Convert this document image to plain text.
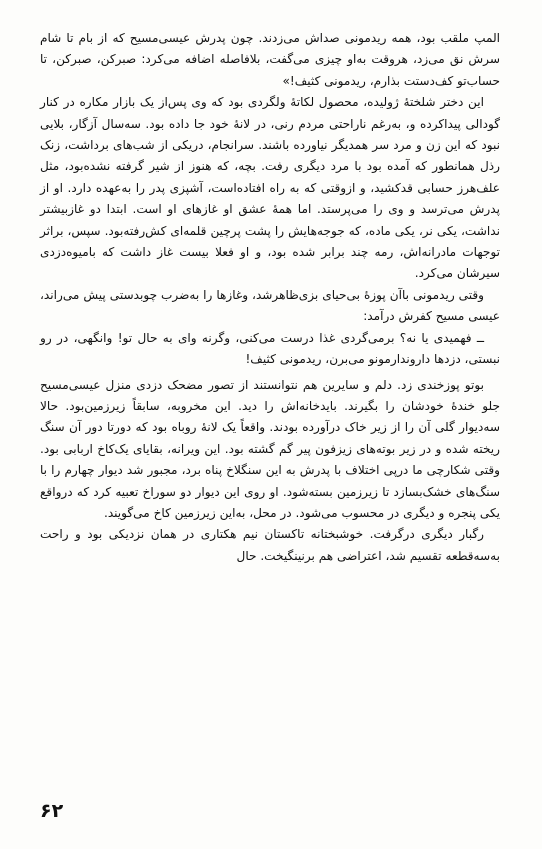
المپ ملقب بود، همه ریدمونی صداش می‌زدند. چون پدرش عیسی‌مسیح که از بام تا شام سرش نق می‌زد، هروقت به‌او چیزی می‌گفت، بلافاصله اضافه می‌کرد: صبرکن، صبرکن، تا حساب‌تو کف‌دستت بذارم، ریدمونی کثیف!»

این دختر شلختهٔ ژولیده، محصول لکاتهٔ ولگردی بود که وی پس‌از یک بازار مکاره در کنار گودالی پیداکرده و، به‌رغم ناراحتی مردم رنی، در لانهٔ خود جا داده بود. سه‌سال آزگار، بلایی نبود که این زن و مرد سر همدیگر نیاورده باشند. سرانجام، دریکی از شب‌های برداشت، زنک رذل همانطور که آمده بود با مرد دیگری رفت. بچه، که هنوز از شیر گرفته نشده‌بود، مثل علف‌هرز حسابی قدکشید، و ازوقتی که به راه افتاده‌است، آشپزی پدر را به‌عهده دارد. او از پدرش می‌ترسد و وی را می‌پرستد. اما همهٔ عشق او غازهای او است. ابتدا دو غازبیشتر نداشت، یکی نر، یکی ماده، که جوجه‌هایش را پشت پرچین قلمه‌ای کش‌رفته‌بود. سپس، براثر توجهات مادرانه‌اش، رمه چند برابر شده بود، و او فعلا بیست غاز داشت که بامیوه‌دزدی سیرشان می‌کرد.

وقتی ریدمونی باآن پوزهٔ بی‌حیای بزی‌ظاهرشد، وغازها را به‌ضرب چوبدستی پیش می‌راند، عیسی مسیح کفرش درآمد:

ــ فهمیدی یا نه؟ برمی‌گردی غذا درست می‌کنی، وگرنه وای به حال تو! وانگهی، در رو نبستی، دزدها داروندارمونو می‌برن، ریدمونی کثیف!

بوتو پوزخندی زد. دلم و سایرین هم نتوانستند از تصور مضحک دزدی منزل عیسی‌مسیح جلو خندهٔ خودشان را بگیرند. بایدخانه‌اش را دید. این مخروبه، سابقاً زیرزمین‌بود. حالا سه‌دیوار گلی آن را از زیر خاک درآورده بودند. واقعاً یک لانهٔ روباه بود که دورتا دور آن سنگ ریخته شده و در زیر بوته‌های زیزفون پیر گم گشته بود. این ویرانه، بقایای یک‌کاخ اربابی بود. وقتی شکارچی ما درپی اختلاف با پدرش به این سنگلاخ پناه برد، مجبور شد دیوار چهارم را با سنگ‌های خشک‌بسازد تا زیرزمین بسته‌شود. او روی این دیوار دو سوراخ تعبیه کرد که درواقع یکی پنجره و دیگری در محسوب می‌شود. در محل، به‌این زیرزمین کاخ می‌گویند.

رگبار دیگری درگرفت. خوشبختانه تاکستان نیم هکتاری در همان نزدیکی بود و راحت به‌سه‌قطعه تقسیم شد، اعتراضی هم برنینگیخت. حال

۶۲
